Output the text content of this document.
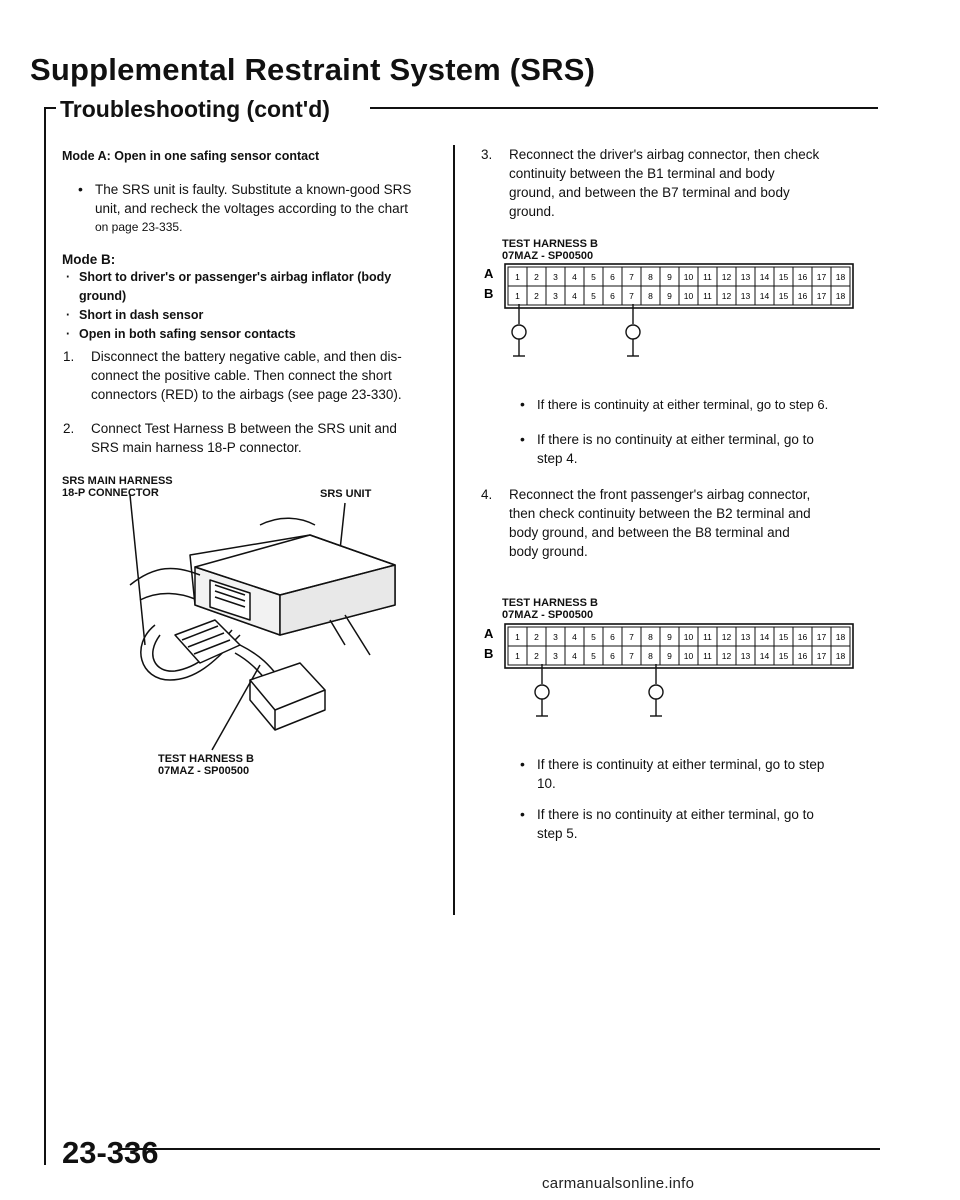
Supplemental Restraint System (SRS)
Troubleshooting (cont'd)
Mode A: Open in one safing sensor contact
• The SRS unit is faulty. Substitute a known-good SRS
unit, and recheck the voltages according to the chart
on page 23-335.
Mode B:
· Short to driver's or passenger's airbag inflator (body
ground)
· Short in dash sensor
· Open in both safing sensor contacts
1. Disconnect the battery negative cable, and then dis-
connect the positive cable. Then connect the short
connectors (RED) to the airbags (see page 23-330).
2. Connect Test Harness B between the SRS unit and
SRS main harness 18-P connector.
SRS MAIN HARNESS
18-P CONNECTOR	SRS UNIT
TEST HARNESS B
07MAZ - SP00500
3. Reconnect the driver's airbag connector, then check
continuity between the B1 terminal and body
ground, and between the B7 terminal and body
ground.
TEST HARNESS B
07MAZ - SP00500
A
B
1 2 3 4 5 6 7 8 9 10 11 12 13 14 15 16 17 18
1 2 3 4 5 6 7 8 9 10 11 12 13 14 15 16 17 18
• If there is continuity at either terminal, go to step 6.
• If there is no continuity at either terminal, go to
step 4.
4. Reconnect the front passenger's airbag connector,
then check continuity between the B2 terminal and
body ground, and between the B8 terminal and
body ground.
TEST HARNESS B
07MAZ - SP00500
A
B
1 2 3 4 5 6 7 8 9 10 11 12 13 14 15 16 17 18
1 2 3 4 5 6 7 8 9 10 11 12 13 14 15 16 17 18
• If there is continuity at either terminal, go to step
10.
• If there is no continuity at either terminal, go to
step 5.
23-336
carmanualsonline.info
